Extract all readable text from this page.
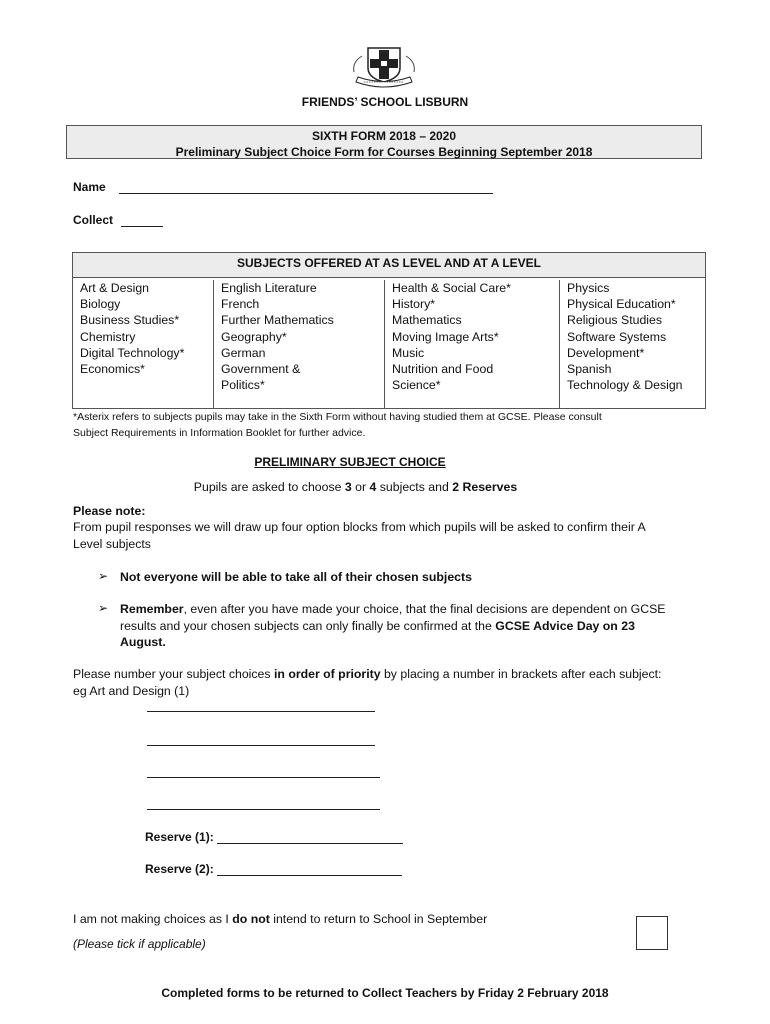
FRIENDS’ SCHOOL LISBURN
SIXTH FORM 2018 – 2020
Preliminary Subject Choice Form for Courses Beginning September 2018
Name
Collect
SUBJECTS OFFERED AT AS LEVEL AND AT A LEVEL
Art & Design
Biology
Business Studies*
Chemistry
Digital Technology*
Economics*
English Literature
French
Further Mathematics
Geography*
German
Government &
Politics*
Health & Social Care*
History*
Mathematics
Moving Image Arts*
Music
Nutrition and Food
Science*
Physics
Physical Education*
Religious Studies
Software Systems
Development*
Spanish
Technology & Design
*Asterix refers to subjects pupils may take in the Sixth Form without having studied them at GCSE. Please consult
Subject Requirements in Information Booklet for further advice.
PRELIMINARY SUBJECT CHOICE
Pupils are asked to choose 3 or 4 subjects and 2 Reserves
Please note:
From pupil responses we will draw up four option blocks from which pupils will be asked to confirm their A
Level subjects
➢ Not everyone will be able to take all of their chosen subjects
➢ Remember, even after you have made your choice, that the final decisions are dependent on GCSE
results and your chosen subjects can only finally be confirmed at the GCSE Advice Day on 23
August.
Please number your subject choices in order of priority by placing a number in brackets after each subject:
eg Art and Design (1)
Reserve (1):
Reserve (2):
I am not making choices as I do not intend to return to School in September
(Please tick if applicable)
Completed forms to be returned to Collect Teachers by Friday 2 February 2018
